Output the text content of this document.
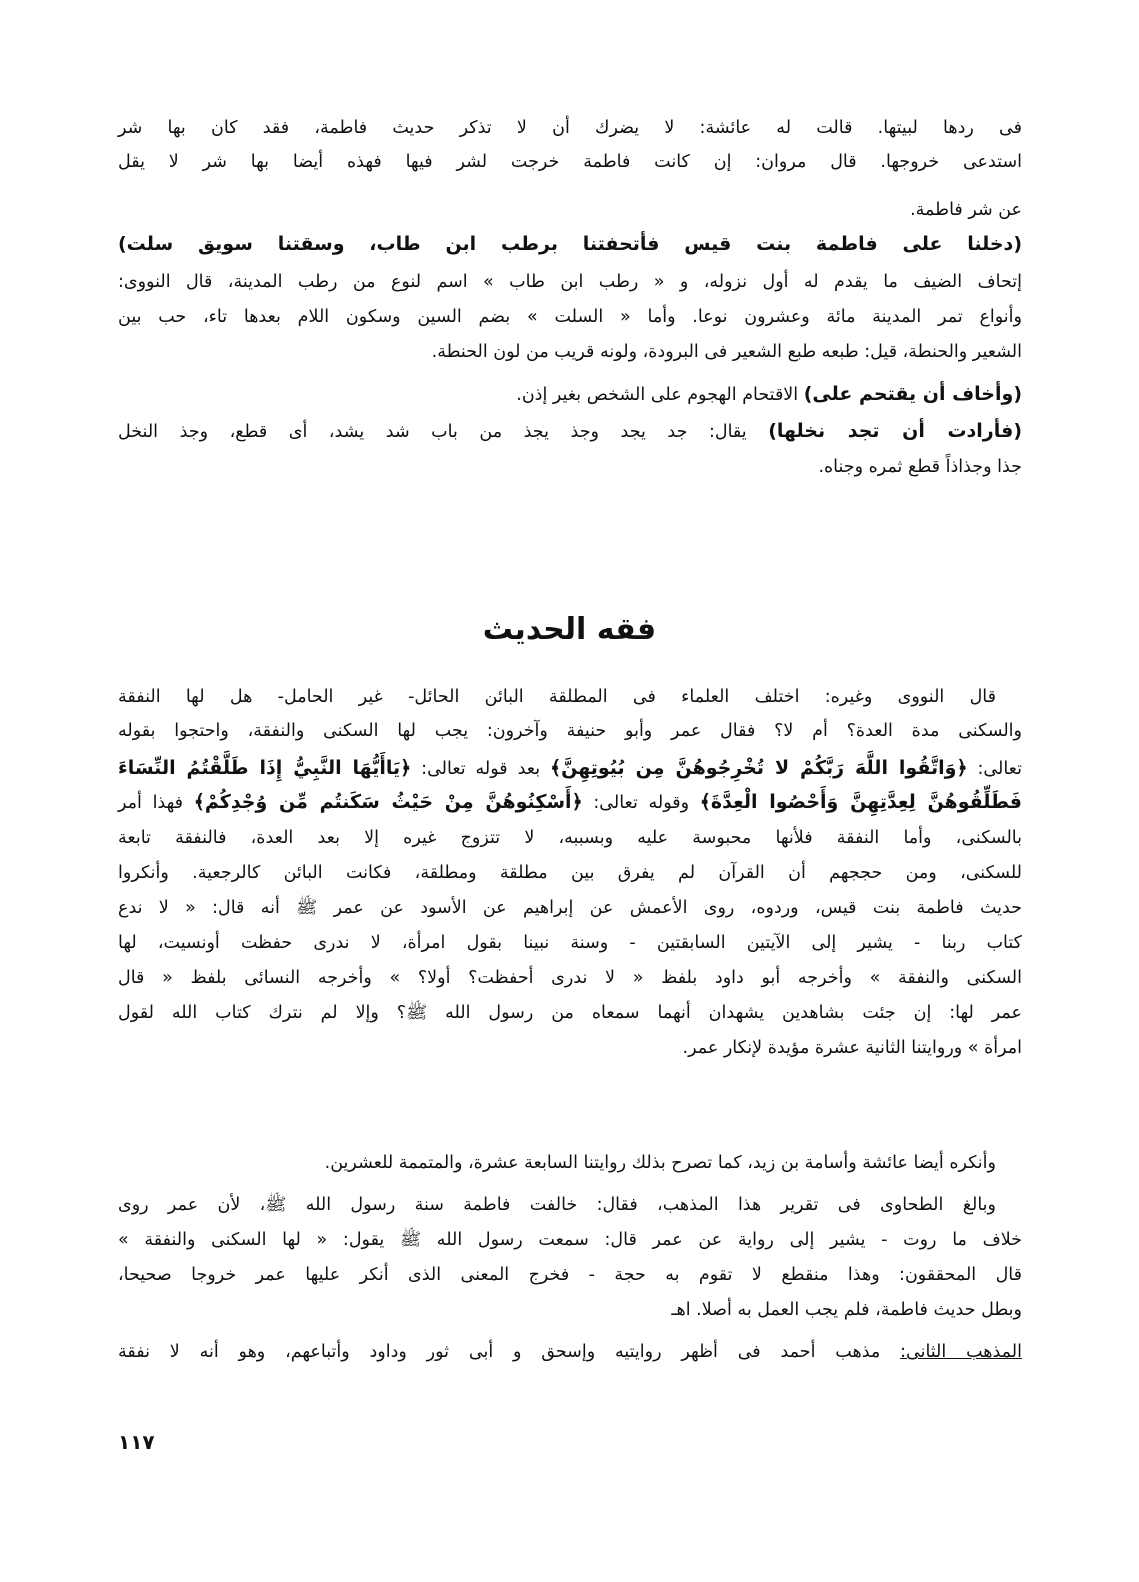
فى ردها لبيتها. قالت له عائشة: لا يضرك أن لا تذكر حديث فاطمة، فقد كان بها شر
استدعى خروجها. قال مروان: إن كانت فاطمة خرجت لشر فيها فهذه أيضا بها شر لا يقل
عن شر فاطمة.
(دخلنا على فاطمة بنت قيس فأتحفتنا برطب ابن طاب، وسقتنا سويق سلت)
إتحاف الضيف ما يقدم له أول نزوله، و « رطب ابن طاب » اسم لنوع من رطب المدينة، قال النووى:
وأنواع تمر المدينة مائة وعشرون نوعا. وأما « السلت » بضم السين وسكون اللام بعدها تاء، حب بين
الشعير والحنطة، قيل: طبعه طبع الشعير فى البرودة، ولونه قريب من لون الحنطة.
(وأخاف أن يقتحم على) الاقتحام الهجوم على الشخص بغير إذن.
(فأرادت أن تجد نخلها) يقال: جد يجد وجذ يجذ من باب شد يشد، أى قطع، وجذ النخل
جذا وجذاذاً قطع ثمره وجناه.
قال النووى وغيره: اختلف العلماء فى المطلقة البائن الحائل- غير الحامل- هل لها النفقة
والسكنى مدة العدة؟ أم لا؟ فقال عمر وأبو حنيفة وآخرون: يجب لها السكنى والنفقة، واحتجوا بقوله
تعالى: ﴿وَاتَّقُوا اللَّهَ رَبَّكُمْ لا تُخْرِجُوهُنَّ مِن بُيُوتِهِنَّ﴾ بعد قوله تعالى: ﴿يَاأَيُّهَا النَّبِيُّ إِذَا طَلَّقْتُمُ النِّسَاءَ
فَطَلِّقُوهُنَّ لِعِدَّتِهِنَّ وَأَحْصُوا الْعِدَّةَ﴾ وقوله تعالى: ﴿أَسْكِنُوهُنَّ مِنْ حَيْثُ سَكَنتُم مِّن وُجْدِكُمْ﴾ فهذا أمر
بالسكنى، وأما النفقة فلأنها محبوسة عليه وبسببه، لا تتزوج غيره إلا بعد العدة، فالنفقة تابعة
للسكنى، ومن حججهم أن القرآن لم يفرق بين مطلقة ومطلقة، فكانت البائن كالرجعية. وأنكروا
حديث فاطمة بنت قيس، وردوه، روى الأعمش عن إبراهيم عن الأسود عن عمر ﷺ أنه قال: « لا ندع
كتاب ربنا - يشير إلى الآيتين السابقتين - وسنة نبينا بقول امرأة، لا ندرى حفظت أونسيت، لها
السكنى والنفقة » وأخرجه أبو داود بلفظ « لا ندرى أحفظت؟ أولا؟ » وأخرجه النسائى بلفظ « قال
عمر لها: إن جئت بشاهدين يشهدان أنهما سمعاه من رسول الله ﷺ؟ وإلا لم نترك كتاب الله لقول
امرأة » وروايتنا الثانية عشرة مؤيدة لإنكار عمر.
وأنكره أيضا عائشة وأسامة بن زيد، كما تصرح بذلك روايتنا السابعة عشرة، والمتممة للعشرين.
وبالغ الطحاوى فى تقرير هذا المذهب، فقال: خالفت فاطمة سنة رسول الله ﷺ، لأن عمر روى
خلاف ما روت - يشير إلى رواية عن عمر قال: سمعت رسول الله ﷺ يقول: « لها السكنى والنفقة »
قال المحققون: وهذا منقطع لا تقوم به حجة - فخرج المعنى الذى أنكر عليها عمر خروجا صحيحا،
وبطل حديث فاطمة، فلم يجب العمل به أصلا. اهـ
المذهب الثانى: مذهب أحمد فى أظهر روايتيه وإسحق و أبى ثور وداود وأتباعهم، وهو أنه لا نفقة
فقه الحديث
١١٧
